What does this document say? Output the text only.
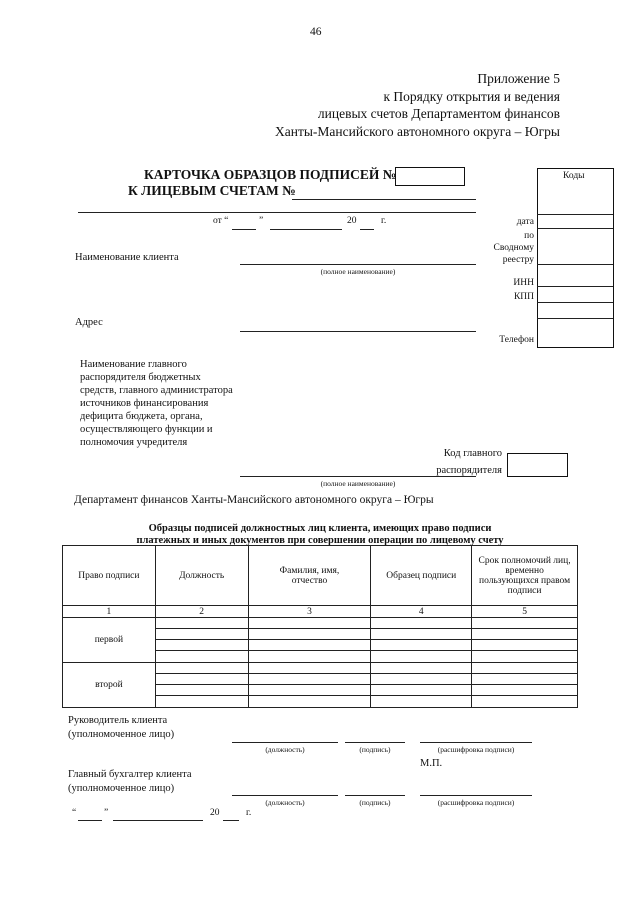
46
Приложение 5
к Порядку открытия и ведения
лицевых счетов Департаментом финансов
Ханты-Мансийского автономного округа – Югры
КАРТОЧКА ОБРАЗЦОВ ПОДПИСЕЙ №
К ЛИЦЕВЫМ СЧЕТАМ №
от “	”	20	г.
Коды
дата
по
Сводному
реестру
ИНН
КПП
Телефон
Наименование клиента
(полное наименование)
Адрес
Наименование главного распорядителя бюджетных средств, главного администратора источников финансирования дефицита бюджета, органа, осуществляющего функции и полномочия учредителя
Код главного
распорядителя
(полное наименование)
Департамент финансов Ханты-Мансийского автономного округа – Югры
Образцы подписей должностных лиц клиента, имеющих право подписи
платежных и иных документов при совершении операции по лицевому счету
Право подписи	Должность	Фамилия, имя, отчество	Образец подписи	Срок полномочий лиц, временно пользующихся правом подписи
1	2	3	4	5
первой				

второй				

Руководитель клиента
(уполномоченное лицо)
(должность)	(подпись)	(расшифровка подписи)
М.П.
Главный бухгалтер клиента
(уполномоченное лицо)
(должность)	(подпись)	(расшифровка подписи)
“	”	20	г.
